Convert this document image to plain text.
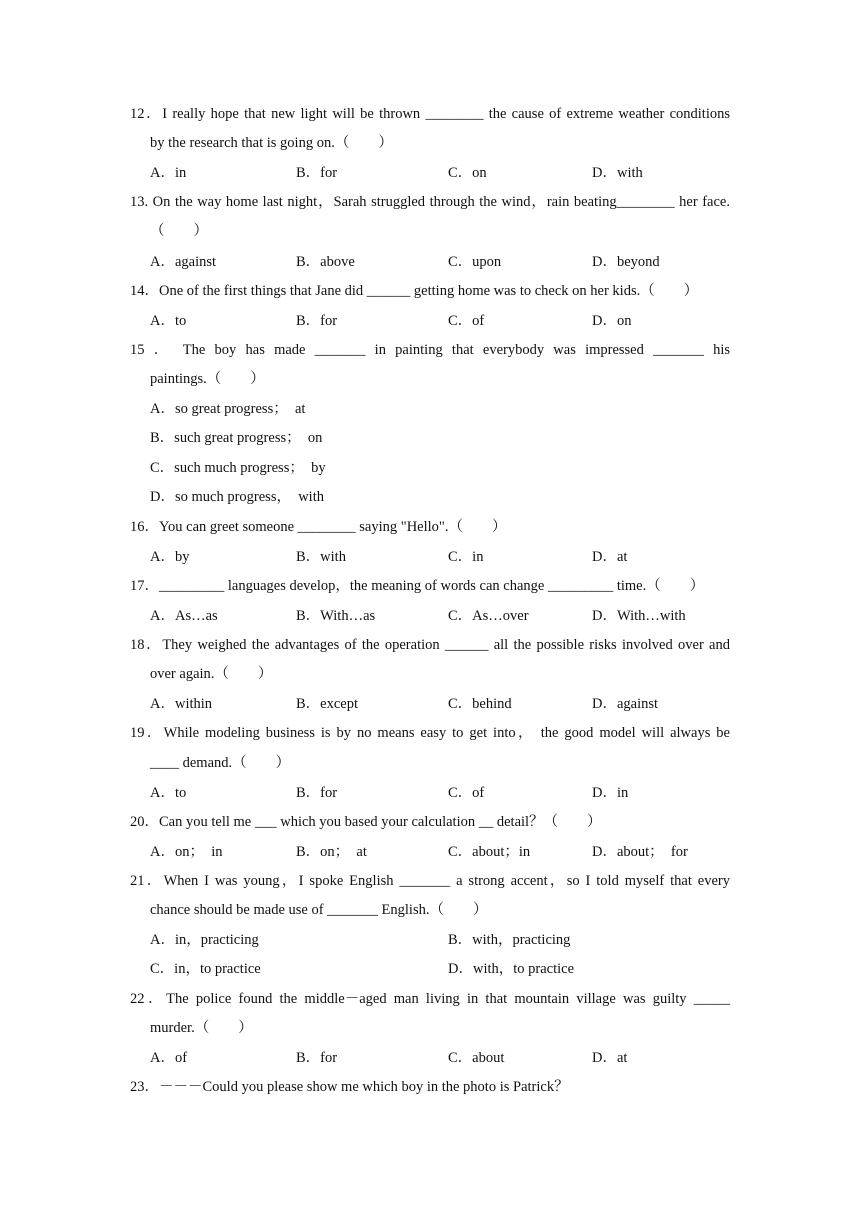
12．I really hope that new light will be thrown ________ the cause of extreme weather conditions
by the research that is going on.（　　）
A．in	B．for	C．on	D．with
13. On the way home last night，Sarah struggled through the wind，rain beating________ her face.
（　　）
A．against	B．above	C．upon	D．beyond
14．One of the first things that Jane did ______ getting home was to check on her kids.（　　）
A．to	B．for	C．of	D．on
15 ． The boy has made _______ in painting that everybody was impressed _______ his
paintings.（　　）
A．so great progress；　at
B．such great progress；　on
C．such much progress；　by
D．so much progress，　with
16．You can greet someone ________ saying "Hello".（　　）
A．by	B．with	C．in	D．at
17．_________ languages develop，the meaning of words can change _________ time.（　　）
A．As…as	B．With…as	C．As…over	D．With…with
18．They weighed the advantages of the operation ______ all the possible risks involved over and
over again.（　　）
A．within	B．except	C．behind	D．against
19．While modeling business is by no means easy to get into， the good model will always be
____ demand.（　　）
A．to	B．for	C．of	D．in
20．Can you tell me ___ which you based your calculation __ detail？（　　）
A．on；  in	B．on；  at	C．about；in	D．about；  for
21．When I was young，I spoke English _______ a strong accent，so I told myself that every
chance should be made use of _______ English.（　　）
A．in，practicing	B．with，practicing
C．in，to practice	D．with，to practice
22．The police found the middle－aged man living in that mountain village was guilty _____
murder.（　　）
A．of	B．for	C．about	D．at
23．－－－Could you please show me which boy in the photo is Patrick？
